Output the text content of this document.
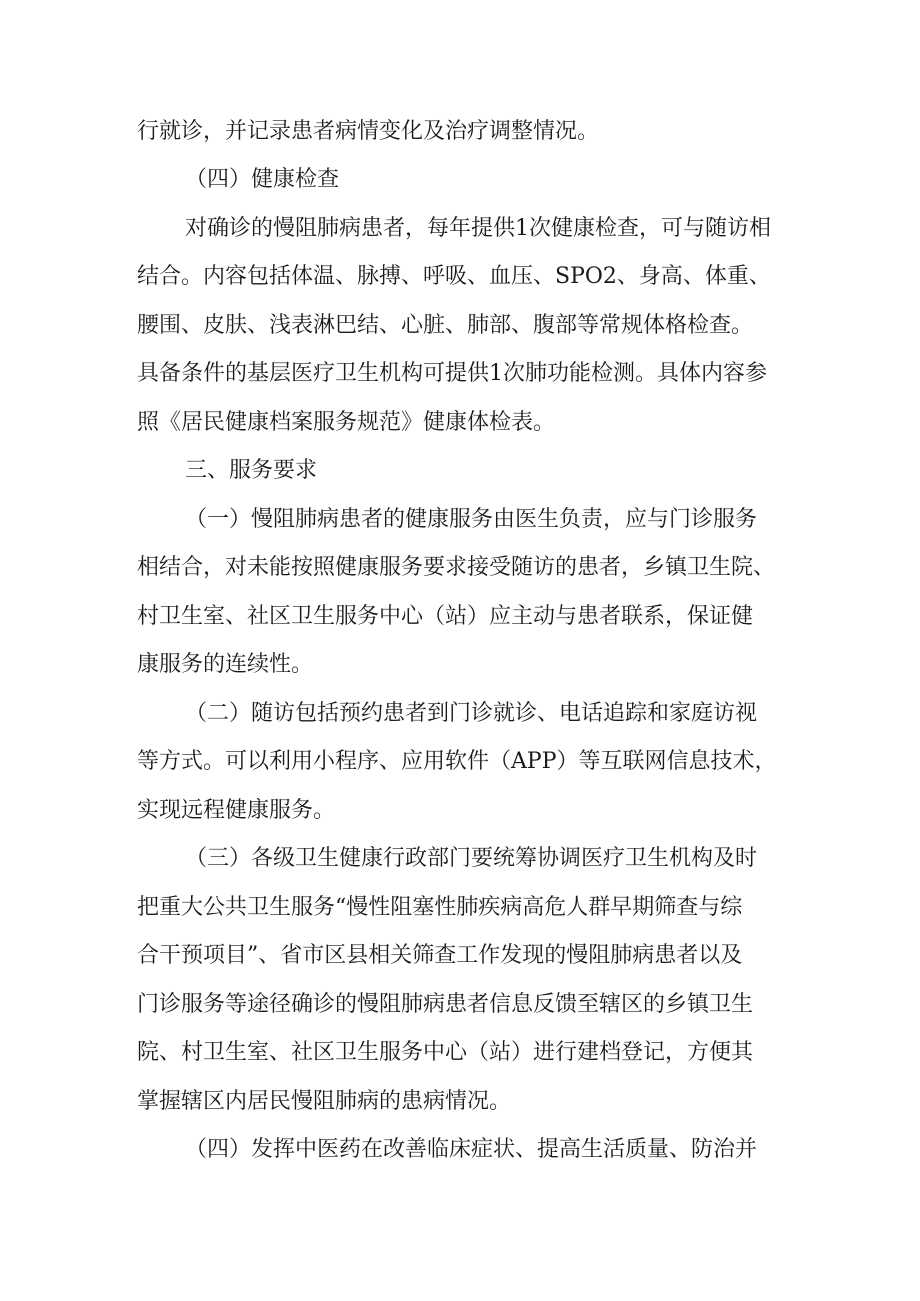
行就诊，并记录患者病情变化及治疗调整情况。
（四）健康检查
对确诊的慢阻肺病患者，每年提供1次健康检查，可与随访相
结合。内容包括体温、脉搏、呼吸、血压、SPO2、身高、体重、
腰围、皮肤、浅表淋巴结、心脏、肺部、腹部等常规体格检查。
具备条件的基层医疗卫生机构可提供1次肺功能检测。具体内容参
照《居民健康档案服务规范》健康体检表。
三、服务要求
（一）慢阻肺病患者的健康服务由医生负责，应与门诊服务
相结合，对未能按照健康服务要求接受随访的患者，乡镇卫生院、
村卫生室、社区卫生服务中心（站）应主动与患者联系，保证健
康服务的连续性。
（二）随访包括预约患者到门诊就诊、电话追踪和家庭访视
等方式。可以利用小程序、应用软件（APP）等互联网信息技术，
实现远程健康服务。
（三）各级卫生健康行政部门要统筹协调医疗卫生机构及时
把重大公共卫生服务“慢性阻塞性肺疾病高危人群早期筛查与综
合干预项目”、省市区县相关筛查工作发现的慢阻肺病患者以及
门诊服务等途径确诊的慢阻肺病患者信息反馈至辖区的乡镇卫生
院、村卫生室、社区卫生服务中心（站）进行建档登记，方便其
掌握辖区内居民慢阻肺病的患病情况。
（四）发挥中医药在改善临床症状、提高生活质量、防治并
